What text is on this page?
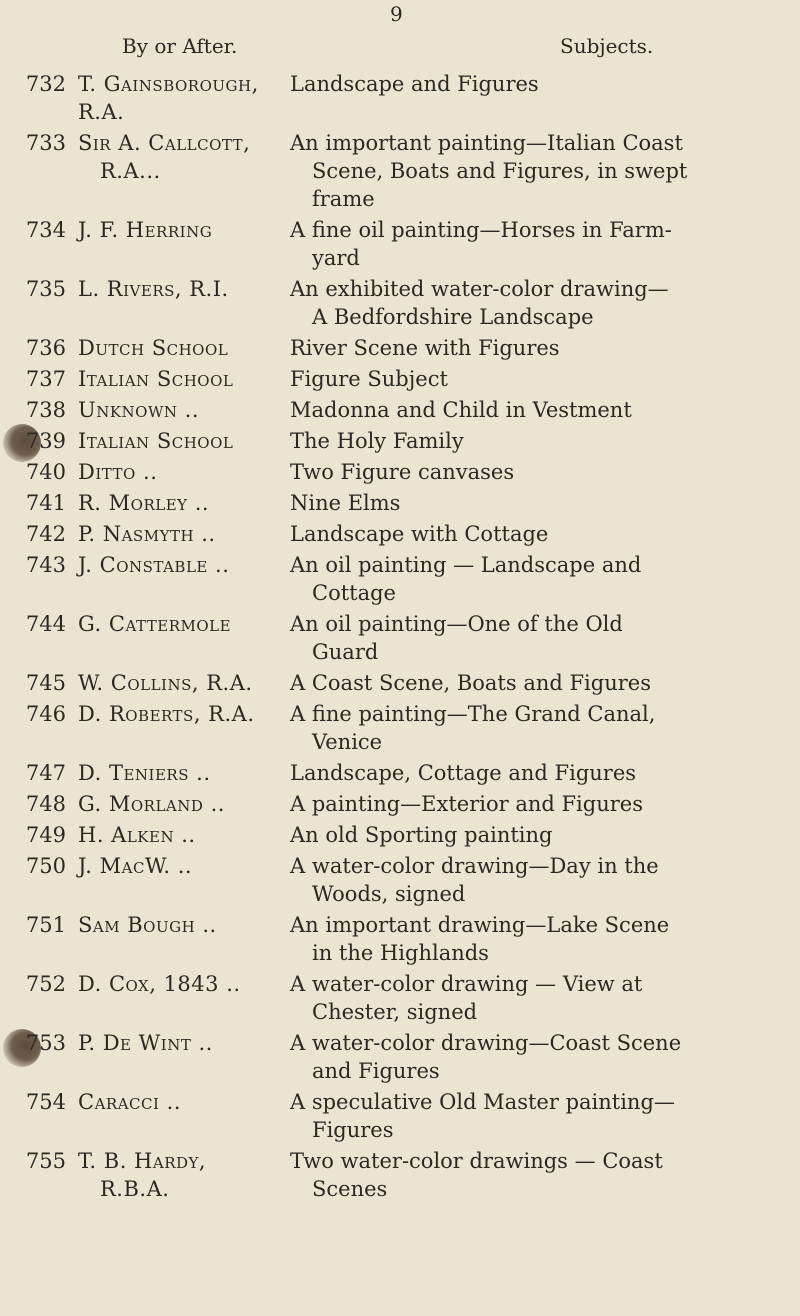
9
By or After.	Subjects.
732	T. Gainsborough, R.A.	Landscape and Figures

733	Sir A. Callcott,
R.A...	An important painting—Italian Coast
Scene, Boats and Figures, in swept
frame

734	J. F. Herring	A fine oil painting—Horses in Farm-
yard

735	L. Rivers, R.I.	An exhibited water-color drawing—
A Bedfordshire Landscape

736	Dutch School	River Scene with Figures

737	Italian School	Figure Subject

738	Unknown ..	Madonna and Child in Vestment

739	Italian School	The Holy Family

740	Ditto ..	Two Figure canvases

741	R. Morley ..	Nine Elms

742	P. Nasmyth ..	Landscape with Cottage

743	J. Constable ..	An oil painting — Landscape and
Cottage

744	G. Cattermole	An oil painting—One of the Old
Guard

745	W. Collins, R.A.	A Coast Scene, Boats and Figures

746	D. Roberts, R.A.	A fine painting—The Grand Canal,
Venice

747	D. Teniers ..	Landscape, Cottage and Figures

748	G. Morland ..	A painting—Exterior and Figures

749	H. Alken ..	An old Sporting painting

750	J. MacW. ..	A water-color drawing—Day in the
Woods, signed

751	Sam Bough ..	An important drawing—Lake Scene
in the Highlands

752	D. Cox, 1843 ..	A water-color drawing — View at
Chester, signed

753	P. De Wint ..	A water-color drawing—Coast Scene
and Figures

754	Caracci ..	A speculative Old Master painting—
Figures

755	T. B. Hardy,
R.B.A.	Two water-color drawings — Coast
Scenes
